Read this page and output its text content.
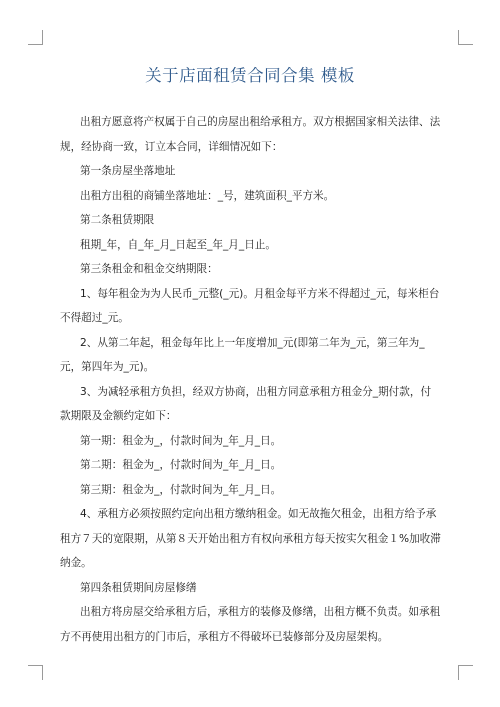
关于店面租赁合同合集 模板

出租方愿意将产权属于自己的房屋出租给承租方。双方根据国家相关法律、法规，经协商一致，订立本合同，详细情况如下：

第一条房屋坐落地址

出租方出租的商铺坐落地址：_号，建筑面积_平方米。

第二条租赁期限

租期_年，自_年_月_日起至_年_月_日止。

第三条租金和租金交纳期限：

1、每年租金为为人民币_元整(_元)。月租金每平方米不得超过_元，每米柜台不得超过_元。

2、从第二年起，租金每年比上一年度增加_元(即第二年为_元，第三年为_元，第四年为_元)。

3、为减轻承租方负担，经双方协商，出租方同意承租方租金分_期付款，付款期限及金额约定如下：

第一期：租金为_，付款时间为_年_月_日。

第二期：租金为_，付款时间为_年_月_日。

第三期：租金为_，付款时间为_年_月_日。

4、承租方必须按照约定向出租方缴纳租金。如无故拖欠租金，出租方给予承租方７天的宽限期，从第８天开始出租方有权向承租方每天按实欠租金１%加收滞纳金。

第四条租赁期间房屋修缮

出租方将房屋交给承租方后，承租方的装修及修缮，出租方概不负责。如承租方不再使用出租方的门市后，承租方不得破坏已装修部分及房屋架构。
